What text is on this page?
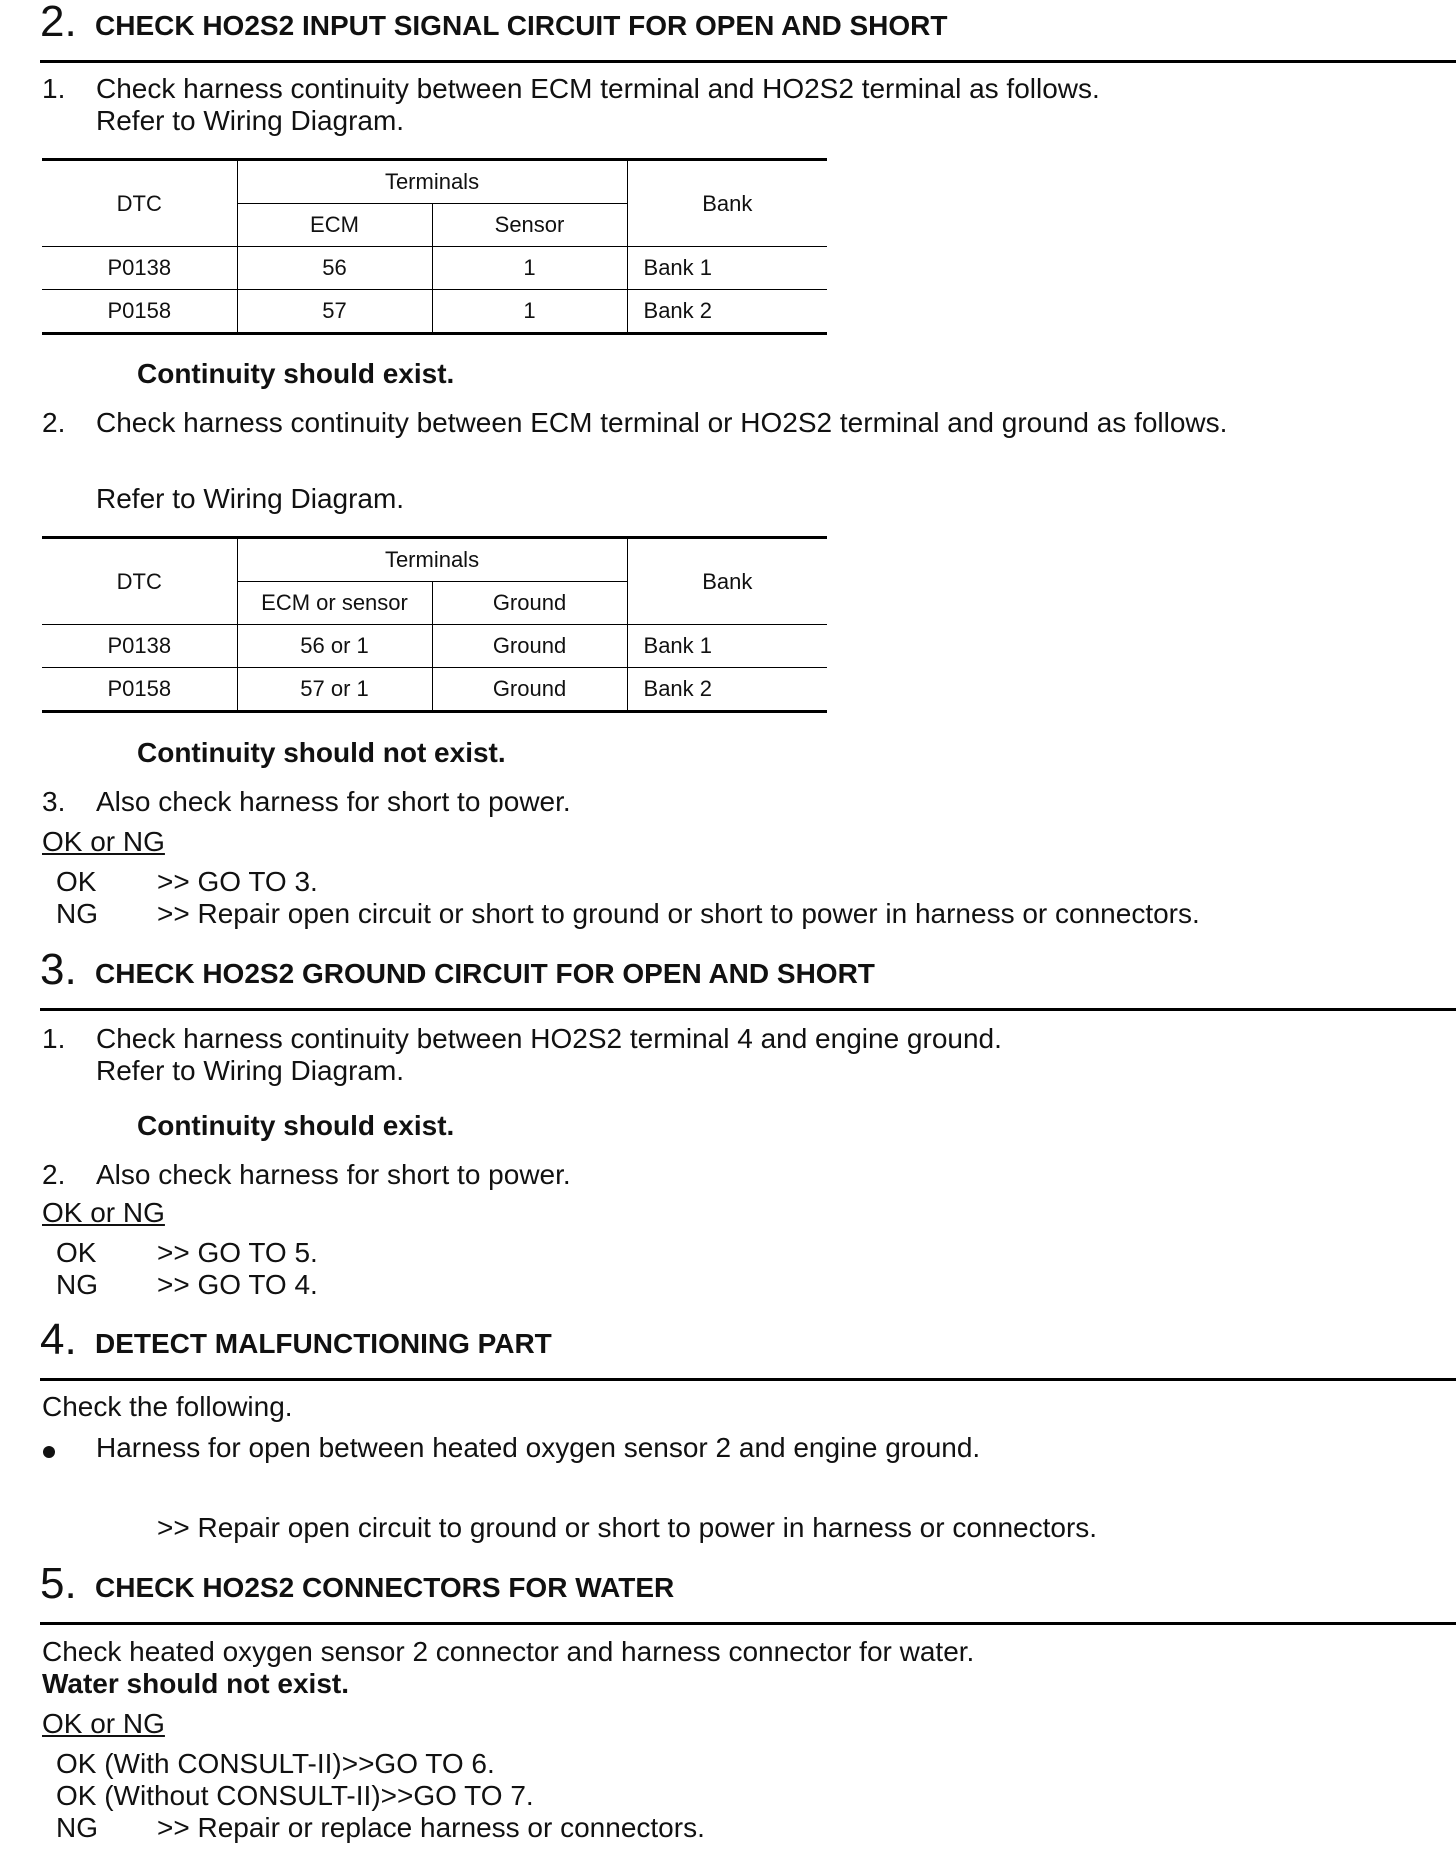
2. CHECK HO2S2 INPUT SIGNAL CIRCUIT FOR OPEN AND SHORT
1. Check harness continuity between ECM terminal and HO2S2 terminal as follows.
Refer to Wiring Diagram.
DTC	Terminals		Bank
	ECM	Sensor	
P0138	56	1	Bank 1
P0158	57	1	Bank 2
Continuity should exist.
2. Check harness continuity between ECM terminal or HO2S2 terminal and ground as follows.
Refer to Wiring Diagram.
DTC	Terminals		Bank
	ECM or sensor	Ground	
P0138	56 or 1	Ground	Bank 1
P0158	57 or 1	Ground	Bank 2
Continuity should not exist.
3. Also check harness for short to power.
OK or NG
OK >> GO TO 3.
NG >> Repair open circuit or short to ground or short to power in harness or connectors.
3. CHECK HO2S2 GROUND CIRCUIT FOR OPEN AND SHORT
1. Check harness continuity between HO2S2 terminal 4 and engine ground.
Refer to Wiring Diagram.
Continuity should exist.
2. Also check harness for short to power.
OK or NG
OK >> GO TO 5.
NG >> GO TO 4.
4. DETECT MALFUNCTIONING PART
Check the following.
Harness for open between heated oxygen sensor 2 and engine ground.
>> Repair open circuit to ground or short to power in harness or connectors.
5. CHECK HO2S2 CONNECTORS FOR WATER
Check heated oxygen sensor 2 connector and harness connector for water.
Water should not exist.
OK or NG
OK (With CONSULT-II)>>GO TO 6.
OK (Without CONSULT-II)>>GO TO 7.
NG >> Repair or replace harness or connectors.
